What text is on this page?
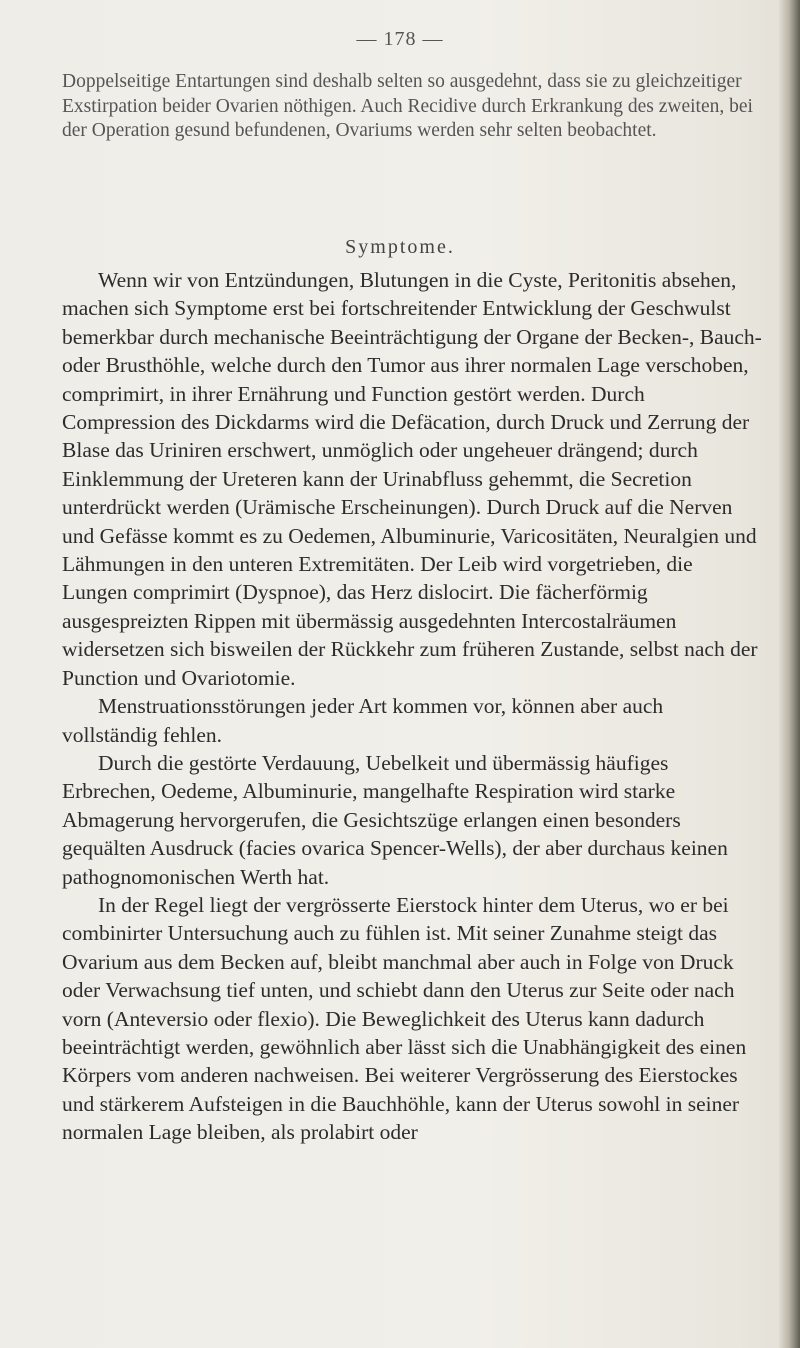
— 178 —

Doppelseitige Entartungen sind deshalb selten so ausgedehnt, dass sie zu gleichzeitiger Exstirpation beider Ovarien nöthigen. Auch Recidive durch Erkrankung des zweiten, bei der Operation gesund befundenen, Ovariums werden sehr selten beobachtet.

Symptome.

Wenn wir von Entzündungen, Blutungen in die Cyste, Peritonitis absehen, machen sich Symptome erst bei fortschreitender Entwicklung der Geschwulst bemerkbar durch mechanische Beeinträchtigung der Organe der Becken-, Bauch- oder Brusthöhle, welche durch den Tumor aus ihrer normalen Lage verschoben, comprimirt, in ihrer Ernährung und Function gestört werden. Durch Compression des Dickdarms wird die Defäcation, durch Druck und Zerrung der Blase das Uriniren erschwert, unmöglich oder ungeheuer drängend; durch Einklemmung der Ureteren kann der Urinabfluss gehemmt, die Secretion unterdrückt werden (Urämische Erscheinungen). Durch Druck auf die Nerven und Gefässe kommt es zu Oedemen, Albuminurie, Varicositäten, Neuralgien und Lähmungen in den unteren Extremitäten. Der Leib wird vorgetrieben, die Lungen comprimirt (Dyspnoe), das Herz dislocirt. Die fächerförmig ausgespreizten Rippen mit übermässig ausgedehnten Intercostalräumen widersetzen sich bisweilen der Rückkehr zum früheren Zustande, selbst nach der Punction und Ovariotomie.

Menstruationsstörungen jeder Art kommen vor, können aber auch vollständig fehlen.

Durch die gestörte Verdauung, Uebelkeit und übermässig häufiges Erbrechen, Oedeme, Albuminurie, mangelhafte Respiration wird starke Abmagerung hervorgerufen, die Gesichtszüge erlangen einen besonders gequälten Ausdruck (facies ovarica Spencer-Wells), der aber durchaus keinen pathognomonischen Werth hat.

In der Regel liegt der vergrösserte Eierstock hinter dem Uterus, wo er bei combinirter Untersuchung auch zu fühlen ist. Mit seiner Zunahme steigt das Ovarium aus dem Becken auf, bleibt manchmal aber auch in Folge von Druck oder Verwachsung tief unten, und schiebt dann den Uterus zur Seite oder nach vorn (Anteversio oder flexio). Die Beweglichkeit des Uterus kann dadurch beeinträchtigt werden, gewöhnlich aber lässt sich die Unabhängigkeit des einen Körpers vom anderen nachweisen. Bei weiterer Vergrösserung des Eierstockes und stärkerem Aufsteigen in die Bauchhöhle, kann der Uterus sowohl in seiner normalen Lage bleiben, als prolabirt oder
